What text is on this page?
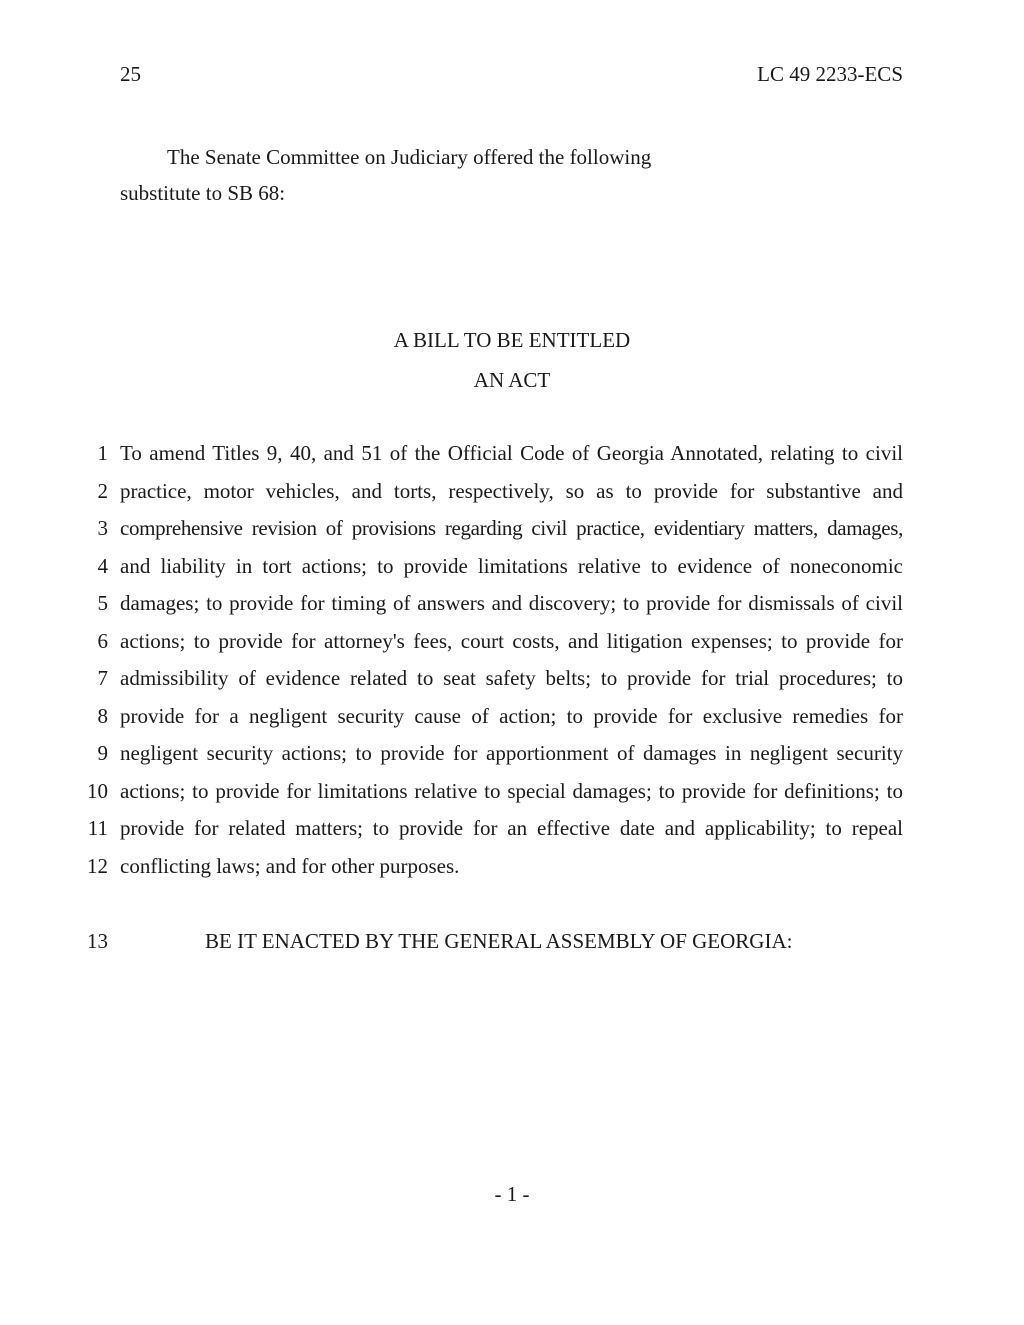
25	LC 49 2233-ECS
The Senate Committee on Judiciary offered the following
substitute to SB 68:
A BILL TO BE ENTITLED
AN ACT
1 To amend Titles 9, 40, and 51 of the Official Code of Georgia Annotated, relating to civil
2 practice, motor vehicles, and torts, respectively, so as to provide for substantive and
3 comprehensive revision of provisions regarding civil practice, evidentiary matters, damages,
4 and liability in tort actions; to provide limitations relative to evidence of noneconomic
5 damages; to provide for timing of answers and discovery; to provide for dismissals of civil
6 actions; to provide for attorney's fees, court costs, and litigation expenses; to provide for
7 admissibility of evidence related to seat safety belts; to provide for trial procedures; to
8 provide for a negligent security cause of action; to provide for exclusive remedies for
9 negligent security actions; to provide for apportionment of damages in negligent security
10 actions; to provide for limitations relative to special damages; to provide for definitions; to
11 provide for related matters; to provide for an effective date and applicability; to repeal
12 conflicting laws; and for other purposes.
13	BE IT ENACTED BY THE GENERAL ASSEMBLY OF GEORGIA:
- 1 -
